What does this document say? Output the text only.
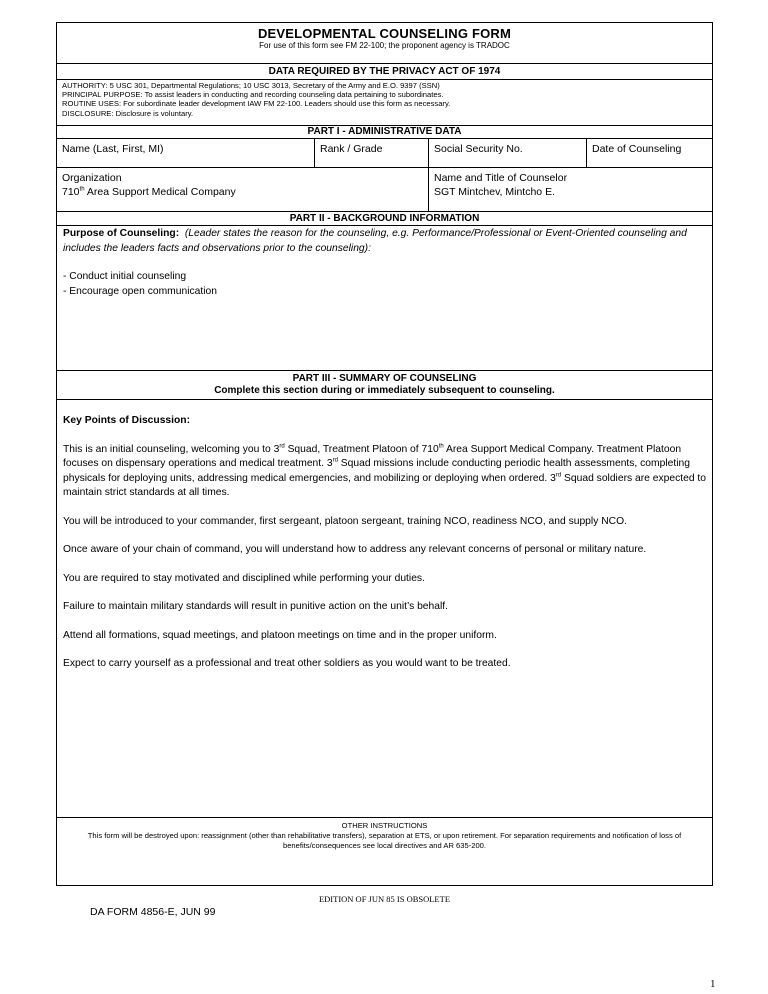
DEVELOPMENTAL COUNSELING FORM
For use of this form see FM 22-100; the proponent agency is TRADOC
DATA REQUIRED BY THE PRIVACY ACT OF 1974
AUTHORITY: 5 USC 301, Departmental Regulations; 10 USC 3013, Secretary of the Army and E.O. 9397 (SSN)
PRINCIPAL PURPOSE: To assist leaders in conducting and recording counseling data pertaining to subordinates.
ROUTINE USES: For subordinate leader development IAW FM 22-100. Leaders should use this form as necessary.
DISCLOSURE: Disclosure is voluntary.
PART I - ADMINISTRATIVE DATA
Name (Last, First, MI)	Rank / Grade	Social Security No.	Date of Counseling
Organization
710th Area Support Medical Company
Name and Title of Counselor
SGT Mintchev, Mintcho E.
PART II - BACKGROUND INFORMATION

Purpose of Counseling: (Leader states the reason for the counseling, e.g. Performance/Professional or Event-Oriented counseling and includes the leaders facts and observations prior to the counseling):

- Conduct initial counseling

- Encourage open communication

PART III - SUMMARY OF COUNSELING
Complete this section during or immediately subsequent to counseling.

Key Points of Discussion:

This is an initial counseling, welcoming you to 3rd Squad, Treatment Platoon of 710th Area Support Medical Company. Treatment Platoon focuses on dispensary operations and medical treatment. 3rd Squad missions include conducting periodic health assessments, completing physicals for deploying units, addressing medical emergencies, and mobilizing or deploying when ordered. 3rd Squad soldiers are expected to maintain strict standards at all times.

You will be introduced to your commander, first sergeant, platoon sergeant, training NCO, readiness NCO, and supply NCO.

Once aware of your chain of command, you will understand how to address any relevant concerns of personal or military nature.

You are required to stay motivated and disciplined while performing your duties.

Failure to maintain military standards will result in punitive action on the unit’s behalf.

Attend all formations, squad meetings, and platoon meetings on time and in the proper uniform.

Expect to carry yourself as a professional and treat other soldiers as you would want to be treated.

OTHER INSTRUCTIONS
This form will be destroyed upon: reassignment (other than rehabilitative transfers), separation at ETS, or upon retirement. For separation requirements and notification of loss of benefits/consequences see local directives and AR 635-200.
EDITION OF JUN 85 IS OBSOLETE
DA FORM 4856-E, JUN 99
1
